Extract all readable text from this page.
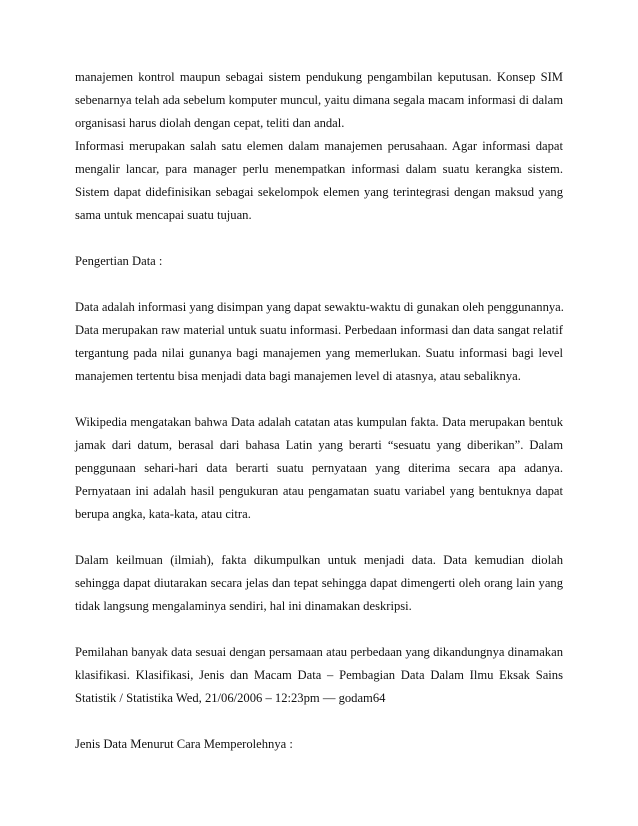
manajemen kontrol maupun sebagai sistem pendukung pengambilan keputusan. Konsep SIM
sebenarnya telah ada sebelum komputer muncul, yaitu dimana segala macam informasi di dalam
organisasi harus diolah dengan cepat, teliti dan andal.
Informasi merupakan salah satu elemen dalam manajemen perusahaan. Agar informasi dapat
mengalir lancar, para manager perlu menempatkan informasi dalam suatu kerangka sistem.
Sistem dapat didefinisikan sebagai sekelompok elemen yang terintegrasi dengan maksud yang
sama untuk mencapai suatu tujuan.
Pengertian Data :
Data adalah informasi yang disimpan yang dapat sewaktu-waktu di gunakan oleh penggunannya.
Data merupakan raw material untuk suatu informasi. Perbedaan informasi dan data sangat relatif
tergantung pada nilai gunanya bagi manajemen yang memerlukan. Suatu informasi bagi level
manajemen tertentu bisa menjadi data bagi manajemen level di atasnya, atau sebaliknya.
Wikipedia mengatakan bahwa Data adalah catatan atas kumpulan fakta. Data merupakan bentuk
jamak dari datum, berasal dari bahasa Latin yang berarti “sesuatu yang diberikan”. Dalam
penggunaan sehari-hari data berarti suatu pernyataan yang diterima secara apa adanya.
Pernyataan ini adalah hasil pengukuran atau pengamatan suatu variabel yang bentuknya dapat
berupa angka, kata-kata, atau citra.
Dalam keilmuan (ilmiah), fakta dikumpulkan untuk menjadi data. Data kemudian diolah
sehingga dapat diutarakan secara jelas dan tepat sehingga dapat dimengerti oleh orang lain yang
tidak langsung mengalaminya sendiri, hal ini dinamakan deskripsi.
Pemilahan banyak data sesuai dengan persamaan atau perbedaan yang dikandungnya dinamakan
klasifikasi. Klasifikasi, Jenis dan Macam Data – Pembagian Data Dalam Ilmu Eksak Sains
Statistik / Statistika Wed, 21/06/2006 – 12:23pm — godam64
Jenis Data Menurut Cara Memperolehnya :
